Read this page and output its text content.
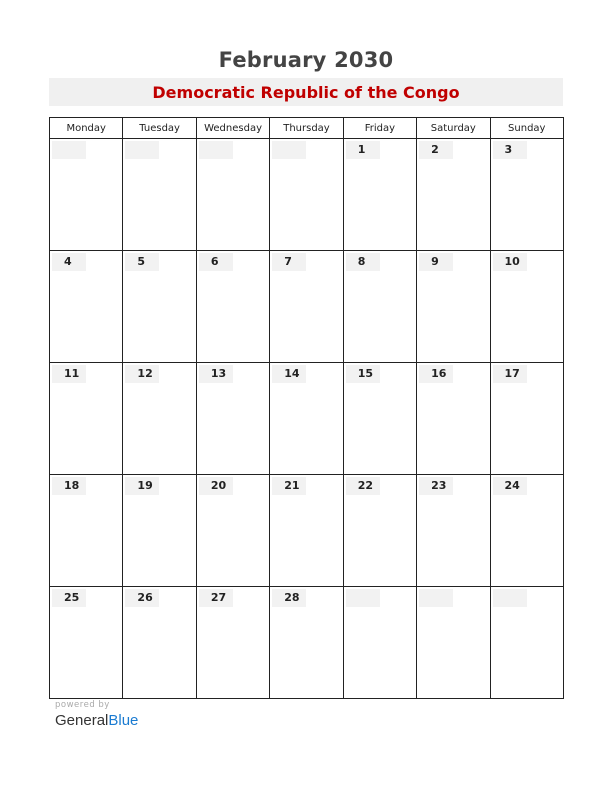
February 2030
Democratic Republic of the Congo
Monday	Tuesday	Wednesday	Thursday	Friday	Saturday	Sunday

				1	2	3

4	5	6	7	8	9	10

11	12	13	14	15	16	17

18	19	20	21	22	23	24

25	26	27	28			

powered by
GeneralBlue
